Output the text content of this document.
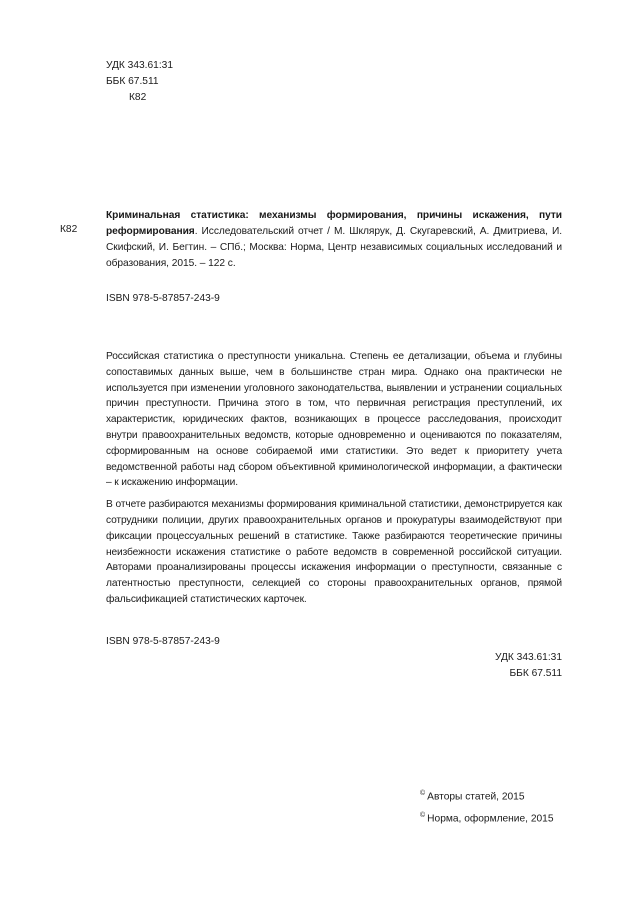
УДК 343.61:31
ББК 67.511
К82
К82
Криминальная статистика: механизмы формирования, причины искажения, пути реформирования. Исследовательский отчет / М. Шклярук, Д. Скугаревский, А. Дмитриева, И. Скифский, И. Бегтин. – СПб.; Москва: Норма, Центр независимых социальных исследований и образования, 2015. – 122 с.
ISBN 978-5-87857-243-9

Российская статистика о преступности уникальна. Степень ее детализации, объема и глубины сопоставимых данных выше, чем в большинстве стран мира. Однако она практически не используется при изменении уголовного законодательства, выявлении и устранении социальных причин преступности. Причина этого в том, что первичная регистрация преступлений, их характеристик, юридических фактов, возникающих в процессе расследования, происходит внутри правоохранительных ведомств, которые одновременно и оцениваются по показателям, сформированным на основе собираемой ими статистики. Это ведет к приоритету учета ведомственной работы над сбором объективной криминологической информации, а фактически – к искажению информации.

В отчете разбираются механизмы формирования криминальной статистики, демонстрируется как сотрудники полиции, других правоохранительных органов и прокуратуры взаимодействуют при фиксации процессуальных решений в статистике. Также разбираются теоретические причины неизбежности искажения статистике о работе ведомств в современной российской ситуации. Авторами проанализированы процессы искажения информации о преступности, связанные с латентностью преступности, селекцией со стороны правоохранительных органов, прямой фальсификацией статистических карточек.

ISBN 978-5-87857-243-9
УДК 343.61:31
ББК 67.511
© Авторы статей, 2015
© Норма, оформление, 2015
